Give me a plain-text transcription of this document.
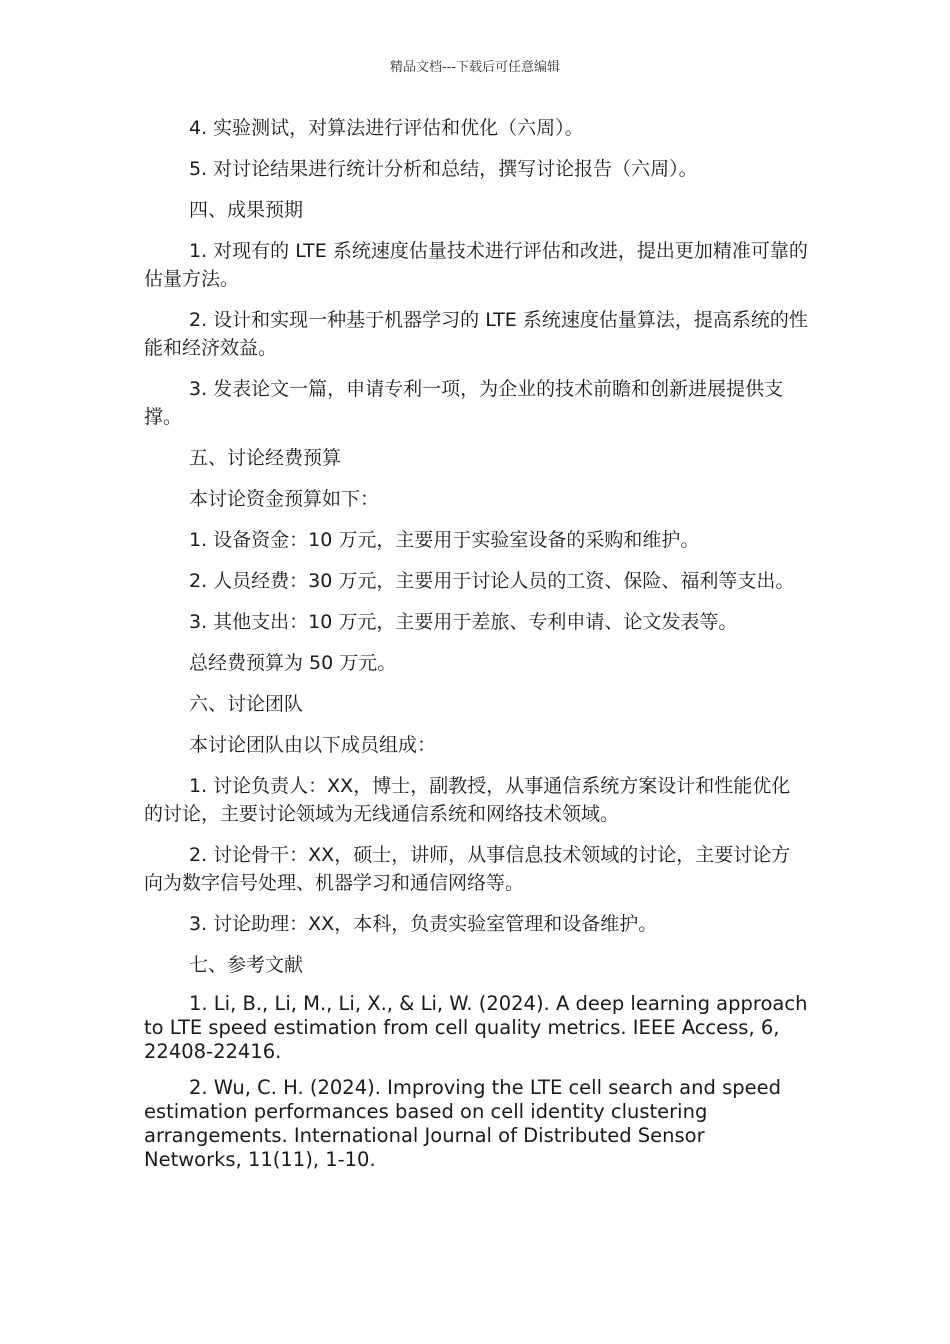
精品文档---下载后可任意编辑

4. 实验测试，对算法进行评估和优化（六周）。

5. 对讨论结果进行统计分析和总结，撰写讨论报告（六周）。

四、成果预期

1. 对现有的 LTE 系统速度估量技术进行评估和改进，提出更加精准可靠的估量方法。

2. 设计和实现一种基于机器学习的 LTE 系统速度估量算法，提高系统的性能和经济效益。

3. 发表论文一篇，申请专利一项，为企业的技术前瞻和创新进展提供支撑。

五、讨论经费预算

本讨论资金预算如下：

1. 设备资金：10 万元，主要用于实验室设备的采购和维护。

2. 人员经费：30 万元，主要用于讨论人员的工资、保险、福利等支出。

3. 其他支出：10 万元，主要用于差旅、专利申请、论文发表等。

总经费预算为 50 万元。

六、讨论团队

本讨论团队由以下成员组成：

1. 讨论负责人：XX，博士，副教授，从事通信系统方案设计和性能优化的讨论，主要讨论领域为无线通信系统和网络技术领域。

2. 讨论骨干：XX，硕士，讲师，从事信息技术领域的讨论，主要讨论方向为数字信号处理、机器学习和通信网络等。

3. 讨论助理：XX，本科，负责实验室管理和设备维护。

七、参考文献

1. Li, B., Li, M., Li, X., & Li, W. (2024). A deep learning approach to LTE speed estimation from cell quality metrics. IEEE Access, 6, 22408-22416.

2. Wu, C. H. (2024). Improving the LTE cell search and speed estimation performances based on cell identity clustering arrangements. International Journal of Distributed Sensor Networks, 11(11), 1-10.
